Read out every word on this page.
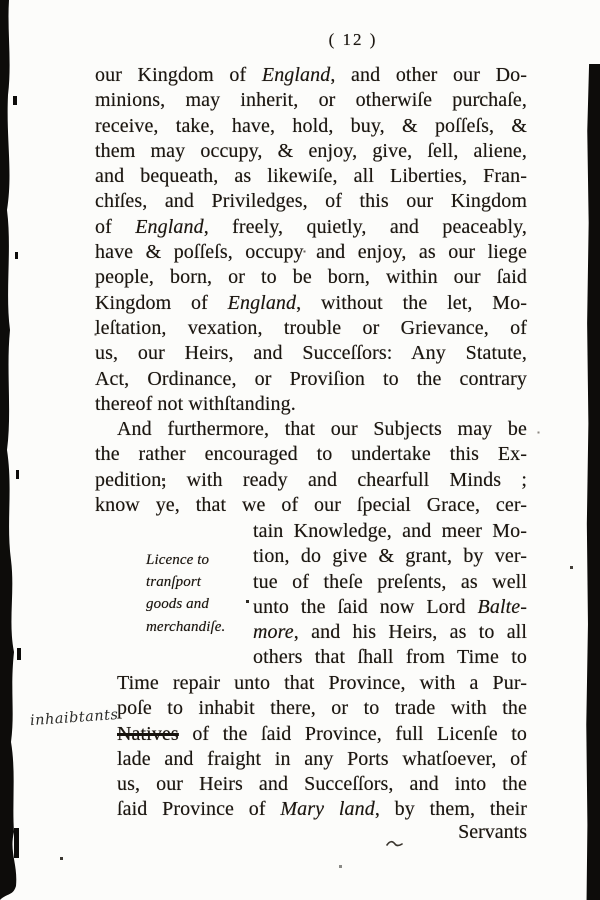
( 12 )
our Kingdom of England, and other our Do-
minions, may inherit, or otherwiſe purchaſe,
receive, take, have, hold, buy, & poſſeſs, &
them may occupy, & enjoy, give, ſell, aliene,
and bequeath, as likewiſe, all Liberties, Fran-
chiſes, and Priviledges, of this our Kingdom
of England, freely, quietly, and peaceably,
have & poſſeſs, occupy and enjoy, as our liege
people, born, or to be born, within our ſaid
Kingdom of England, without the let, Mo-
leſtation, vexation, trouble or Grievance, of
us, our Heirs, and Succeſſors: Any Statute,
Act, Ordinance, or Proviſion to the contrary
thereof not withſtanding.
And furthermore, that our Subjects may be
the rather encouraged to undertake this Ex-
pedition, with ready and chearfull Minds ;
know ye, that we of our ſpecial Grace, cer-
Licence to
tranſport
goods and
merchandiſe.
tain Knowledge, and meer Mo-
tion, do give & grant, by ver-
tue of theſe preſents, as well
unto the ſaid now Lord Balte-
more, and his Heirs, as to all
others that ſhall from Time to
Time repair unto that Province, with a Pur-
poſe to inhabit there, or to trade with the
Natives of the ſaid Province, full Licenſe to
lade and fraight in any Ports whatſoever, of
us, our Heirs and Succeſſors, and into the
ſaid Province of Mary land, by them, their
Servants
inhaibtants
